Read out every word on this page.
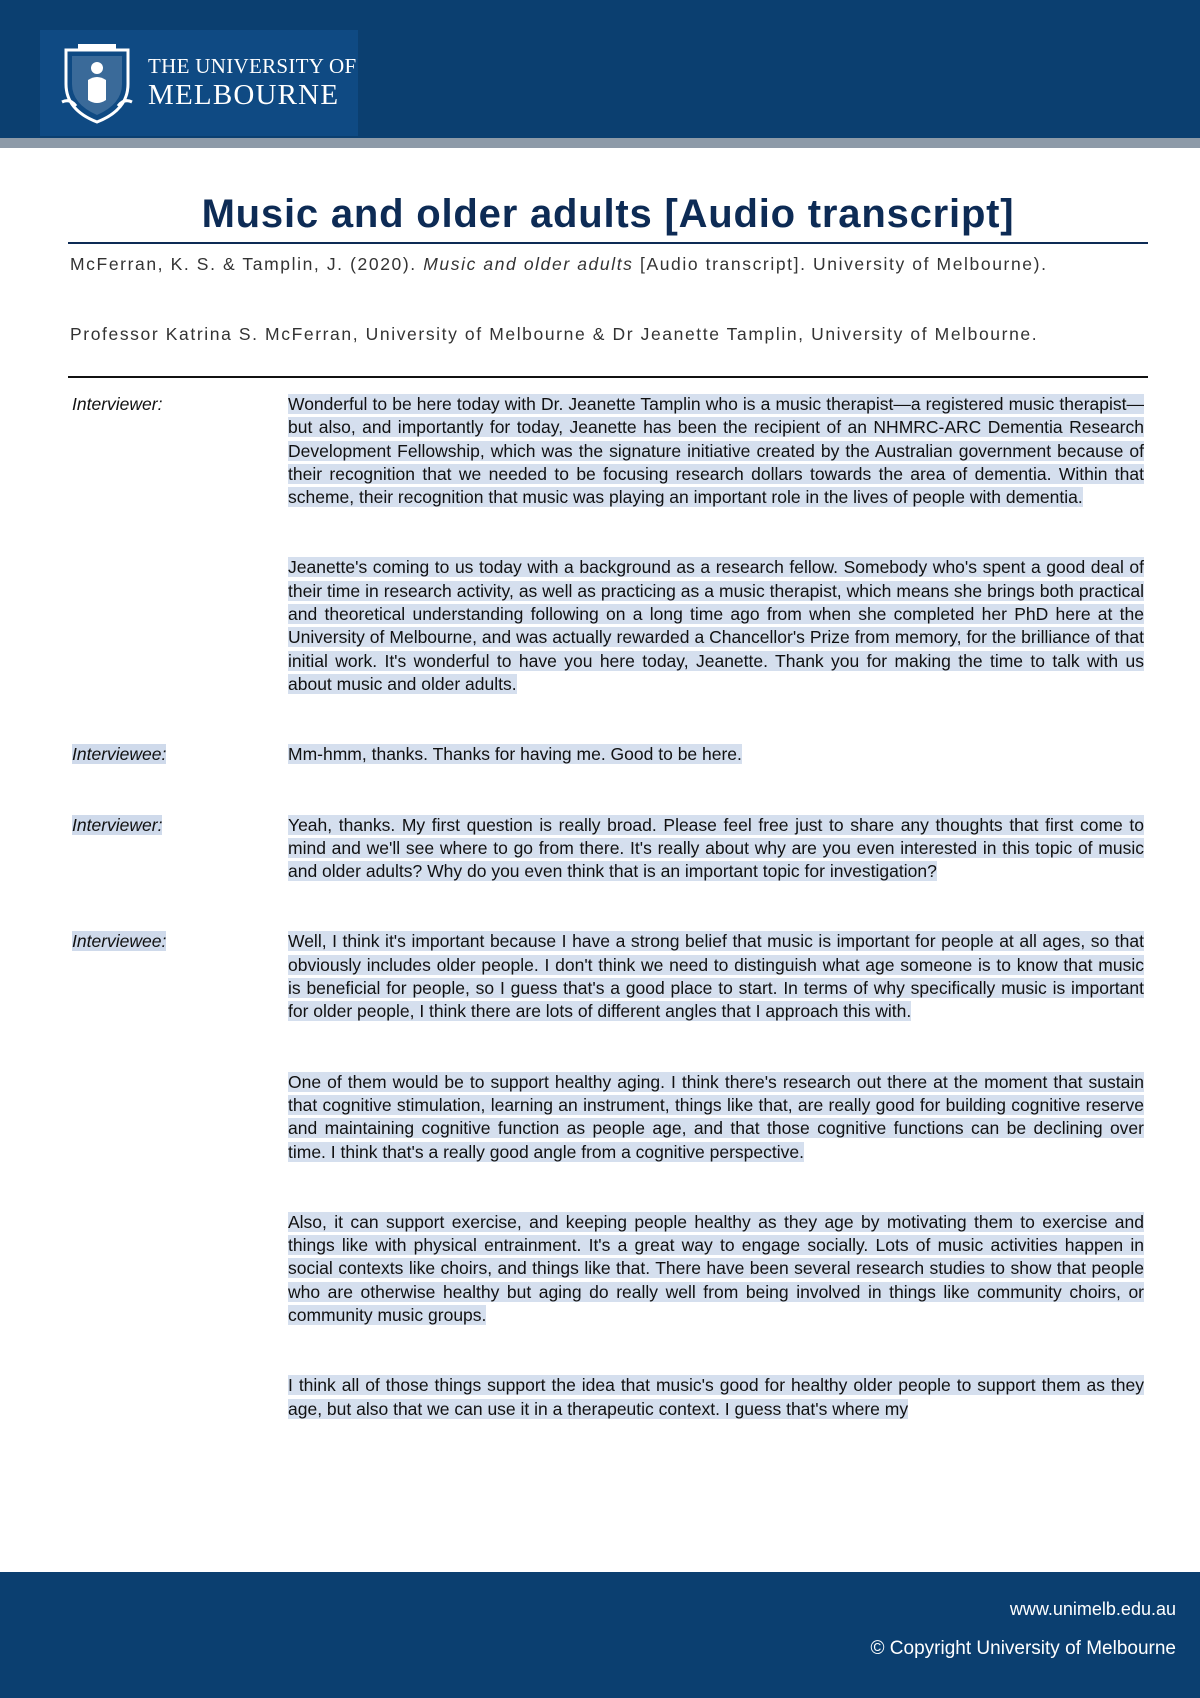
THE UNIVERSITY OF
MELBOURNE
Music and older adults [Audio transcript]
McFerran, K. S. & Tamplin, J. (2020). Music and older adults [Audio transcript]. University of Melbourne).
Professor Katrina S. McFerran, University of Melbourne & Dr Jeanette Tamplin, University of Melbourne.
Interviewer:	Wonderful to be here today with Dr. Jeanette Tamplin who is a music therapist—a registered music therapist—but also, and importantly for today, Jeanette has been the recipient of an NHMRC-ARC Dementia Research Development Fellowship, which was the signature initiative created by the Australian government because of their recognition that we needed to be focusing research dollars towards the area of dementia. Within that scheme, their recognition that music was playing an important role in the lives of people with dementia.

Jeanette's coming to us today with a background as a research fellow. Somebody who's spent a good deal of their time in research activity, as well as practicing as a music therapist, which means she brings both practical and theoretical understanding following on a long time ago from when she completed her PhD here at the University of Melbourne, and was actually rewarded a Chancellor's Prize from memory, for the brilliance of that initial work. It's wonderful to have you here today, Jeanette. Thank you for making the time to talk with us about music and older adults.

Interviewee:	Mm-hmm, thanks. Thanks for having me. Good to be here.

Interviewer:	Yeah, thanks. My first question is really broad. Please feel free just to share any thoughts that first come to mind and we'll see where to go from there. It's really about why are you even interested in this topic of music and older adults? Why do you even think that is an important topic for investigation?

Interviewee:	Well, I think it's important because I have a strong belief that music is important for people at all ages, so that obviously includes older people. I don't think we need to distinguish what age someone is to know that music is beneficial for people, so I guess that's a good place to start. In terms of why specifically music is important for older people, I think there are lots of different angles that I approach this with.

One of them would be to support healthy aging. I think there's research out there at the moment that sustain that cognitive stimulation, learning an instrument, things like that, are really good for building cognitive reserve and maintaining cognitive function as people age, and that those cognitive functions can be declining over time. I think that's a really good angle from a cognitive perspective.

Also, it can support exercise, and keeping people healthy as they age by motivating them to exercise and things like with physical entrainment. It's a great way to engage socially. Lots of music activities happen in social contexts like choirs, and things like that. There have been several research studies to show that people who are otherwise healthy but aging do really well from being involved in things like community choirs, or community music groups.

I think all of those things support the idea that music's good for healthy older people to support them as they age, but also that we can use it in a therapeutic context. I guess that's where my

www.unimelb.edu.au
© Copyright University of Melbourne
